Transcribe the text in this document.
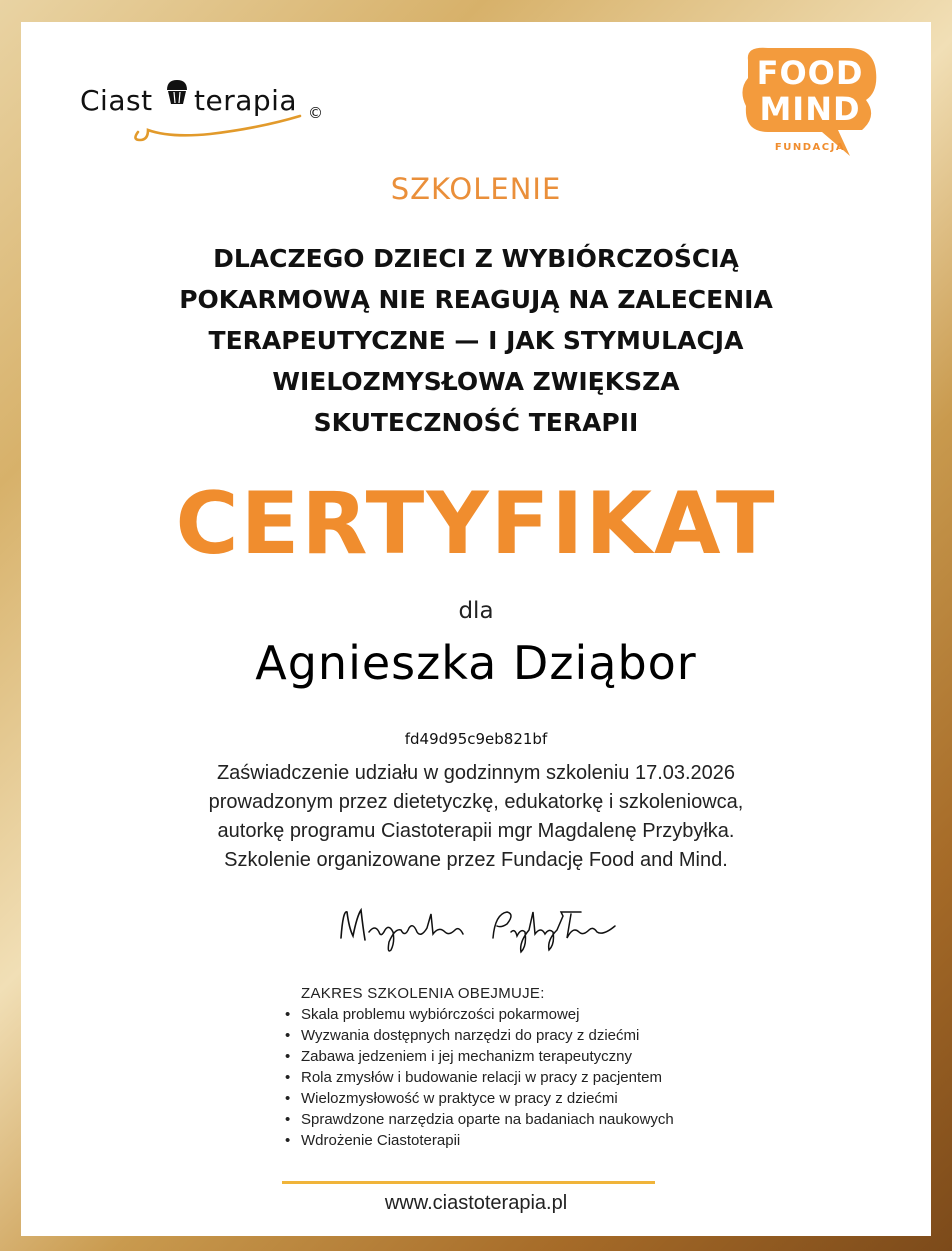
Ciast terapia ©
FOOD
MIND
FUNDACJA
SZKOLENIE
DLACZEGO DZIECI Z WYBIÓRCZOŚCIĄ
POKARMOWĄ NIE REAGUJĄ NA ZALECENIA
TERAPEUTYCZNE — I JAK STYMULACJA
WIELOZMYSŁOWA ZWIĘKSZA
SKUTECZNOŚĆ TERAPII
CERTYFIKAT
dla
Agnieszka Dziąbor
fd49d95c9eb821bf
Zaświadczenie udziału w godzinnym szkoleniu 17.03.2026
prowadzonym przez dietetyczkę, edukatorkę i szkoleniowca,
autorkę programu Ciastoterapii mgr Magdalenę Przybyłka.
Szkolenie organizowane przez Fundację Food and Mind.
ZAKRES SZKOLENIA OBEJMUJE:
• Skala problemu wybiórczości pokarmowej
• Wyzwania dostępnych narzędzi do pracy z dziećmi
• Zabawa jedzeniem i jej mechanizm terapeutyczny
• Rola zmysłów i budowanie relacji w pracy z pacjentem
• Wielozmysłowość w praktyce w pracy z dziećmi
• Sprawdzone narzędzia oparte na badaniach naukowych
• Wdrożenie Ciastoterapii
www.ciastoterapia.pl
